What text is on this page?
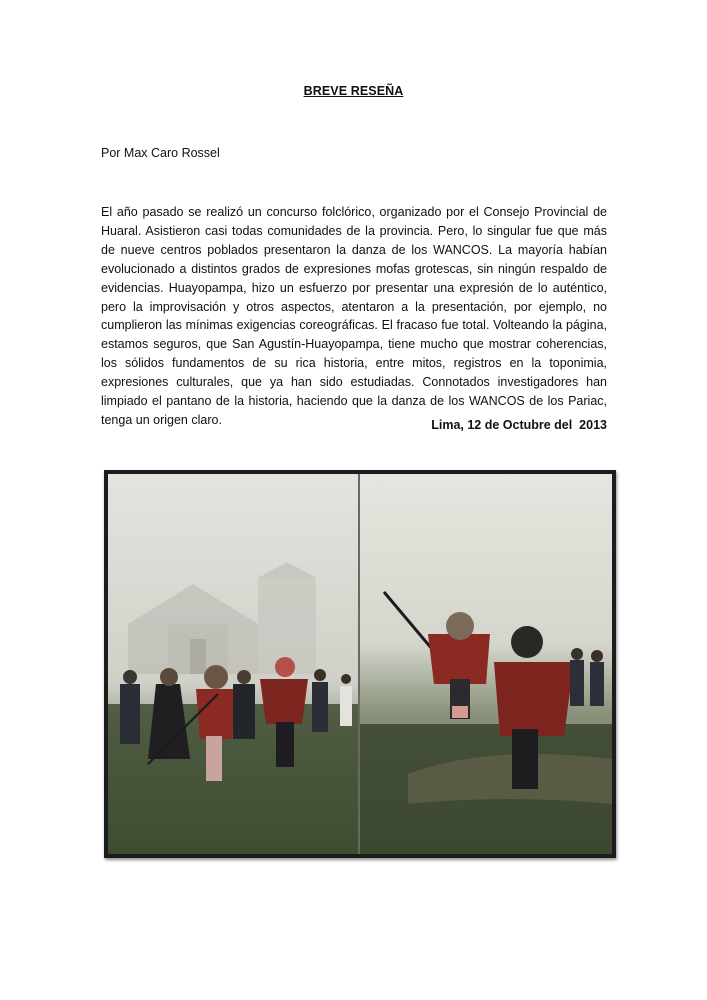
BREVE RESEÑA
Por Max Caro Rossel
El año pasado se realizó un concurso folclórico, organizado por el Consejo Provincial de Huaral. Asistieron casi todas comunidades de la provincia. Pero, lo singular fue que más de nueve centros poblados presentaron la danza de los WANCOS. La mayoría habían evolucionado a distintos grados de expresiones mofas grotescas, sin ningún respaldo de evidencias. Huayopampa, hizo un esfuerzo por presentar una expresión de lo auténtico, pero la improvisación y otros aspectos, atentaron a la presentación, por ejemplo, no cumplieron las mínimas exigencias coreográficas. El fracaso fue total. Volteando la página, estamos seguros, que San Agustín-Huayopampa, tiene mucho que mostrar coherencias, los sólidos fundamentos de su rica historia, entre mitos, registros en la toponimia, expresiones culturales, que ya han sido estudiadas. Connotados investigadores han limpiado el pantano de la historia, haciendo que la danza de los WANCOS de los Pariac, tenga un origen claro.	Lima, 12 de Octubre del  2013
